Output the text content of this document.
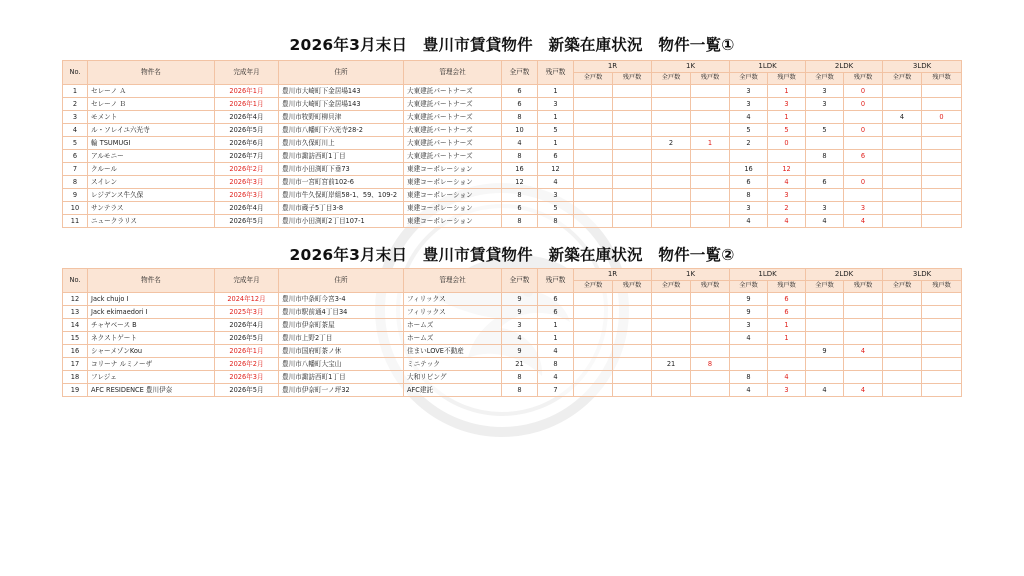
2026年3月末日　豊川市賃貸物件　新築在庫状況　物件一覧①
No.	物件名	完成年月	住所	管理会社	全戸数	残戸数	1R		1K		1LDK		2LDK		3LDK	
							全戸数	残戸数	全戸数	残戸数	全戸数	残戸数	全戸数	残戸数	全戸数	残戸数
1	セレーノ Ａ	2026年1月	豊川市大崎町下金居場143	大東建託パートナーズ	6	1					3	1	3	0		
2	セレーノ Ｂ	2026年1月	豊川市大崎町下金居場143	大東建託パートナーズ	6	3					3	3	3	0		
3	モメント	2026年4月	豊川市牧野町柳貝津	大東建託パートナーズ	8	1					4	1			4	0
4	ル・ソレイユ六光寺	2026年5月	豊川市八幡町下六光寺28-2	大東建託パートナーズ	10	5					5	5	5	0		
5	輪 TSUMUGI	2026年6月	豊川市久保町川上	大東建託パートナーズ	4	1			2	1	2	0				
6	アルモニー	2026年7月	豊川市諏訪西町1丁目	大東建託パートナーズ	8	6							8	6		
7	クルール	2026年2月	豊川市小田渕町下垂73	東建コーポレーション	16	12					16	12				
8	スイレン	2026年3月	豊川市一宮町宮前102-6	東建コーポレーション	12	4					6	4	6	0		
9	レジデンス牛久保	2026年3月	豊川市牛久保町岸組58-1、59、109-2	東建コーポレーション	8	3					8	3				
10	サンテラス	2026年4月	豊川市蔵子5丁目3-8	東建コーポレーション	6	5					3	2	3	3		
11	ニュークラリス	2026年5月	豊川市小田渕町2丁目107-1	東建コーポレーション	8	8					4	4	4	4		
2026年3月末日　豊川市賃貸物件　新築在庫状況　物件一覧②
No.	物件名	完成年月	住所	管理会社	全戸数	残戸数	1R		1K		1LDK		2LDK		3LDK	
							全戸数	残戸数	全戸数	残戸数	全戸数	残戸数	全戸数	残戸数	全戸数	残戸数
12	Jack chujo Ⅰ	2024年12月	豊川市中条町今宮3-4	フィリックス	9	6					9	6				
13	Jack ekimaedori Ⅰ	2025年3月	豊川市駅前通4丁目34	フィリックス	9	6					9	6				
14	チャヤベース B	2026年4月	豊川市伊奈町茶屋	ホームズ	3	1					3	1				
15	ネクストゲート	2026年5月	豊川市上野2丁目	ホームズ	4	1					4	1				
16	シャーメゾンKou	2026年1月	豊川市国府町茶ノ休	住まいLOVE不動産	9	4							9	4		
17	コリーナ ルミノーザ	2026年2月	豊川市八幡町大宝山	ミニテック	21	8			21	8						
18	フレジェ	2026年3月	豊川市諏訪西町1丁目	大和リビング	8	4					8	4				
19	AFC RESIDENCE 豊川伊奈	2026年5月	豊川市伊奈町一ノ坪32	AFC建託	8	7					4	3	4	4		
